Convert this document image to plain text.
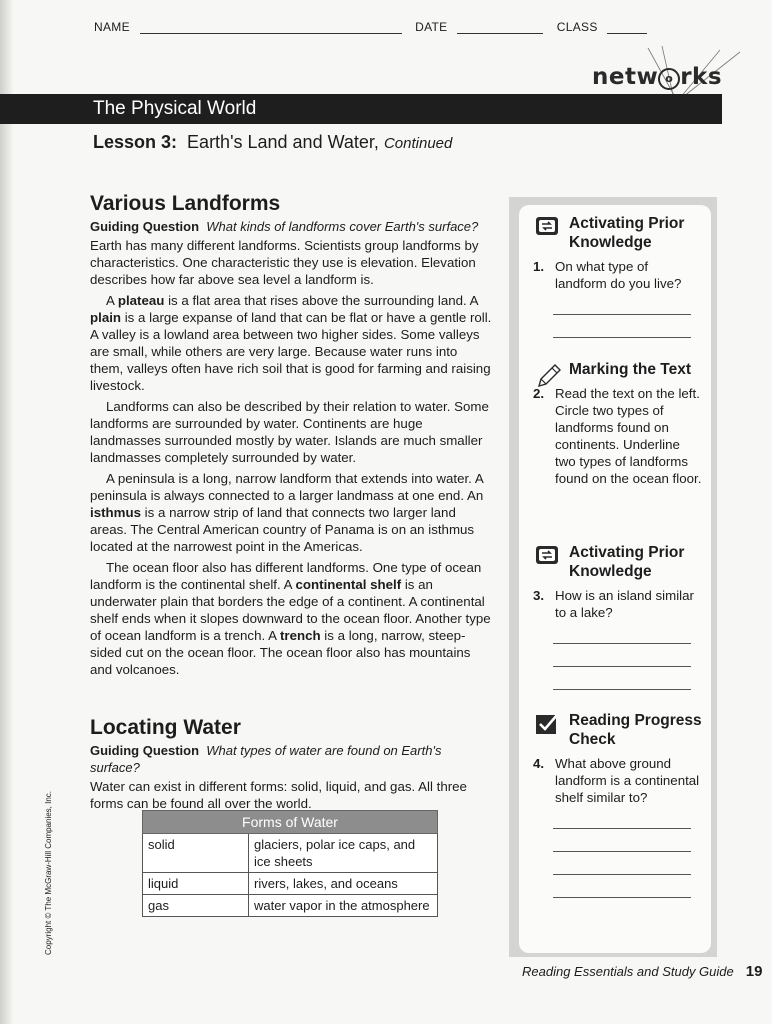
NAME	DATE	CLASS
netw o rks
The Physical World
Lesson 3: Earth's Land and Water, Continued
Various Landforms
Guiding Question What kinds of landforms cover Earth's surface?

Earth has many different landforms. Scientists group landforms by characteristics. One characteristic they use is elevation. Elevation describes how far above sea level a landform is.

A plateau is a flat area that rises above the surrounding land. A plain is a large expanse of land that can be flat or have a gentle roll. A valley is a lowland area between two higher sides. Some valleys are small, while others are very large. Because water runs into them, valleys often have rich soil that is good for farming and raising livestock.

Landforms can also be described by their relation to water. Some landforms are surrounded by water. Continents are huge landmasses surrounded mostly by water. Islands are much smaller landmasses completely surrounded by water.

A peninsula is a long, narrow landform that extends into water. A peninsula is always connected to a larger landmass at one end. An isthmus is a narrow strip of land that connects two larger land areas. The Central American country of Panama is on an isthmus located at the narrowest point in the Americas.

The ocean floor also has different landforms. One type of ocean landform is the continental shelf. A continental shelf is an underwater plain that borders the edge of a continent. A continental shelf ends when it slopes downward to the ocean floor. Another type of ocean landform is a trench. A trench is a long, narrow, steep-sided cut on the ocean floor. The ocean floor also has mountains and volcanoes.

Locating Water
Guiding Question What types of water are found on Earth's surface?

Water can exist in different forms: solid, liquid, and gas. All three forms can be found all over the world.

Forms of Water	
solid	glaciers, polar ice caps, and ice sheets
liquid	rivers, lakes, and oceans
gas	water vapor in the atmosphere
Activating Prior Knowledge
1. On what type of landform do you live?
Marking the Text
2. Read the text on the left. Circle two types of landforms found on continents. Underline two types of landforms found on the ocean floor.
Activating Prior Knowledge
3. How is an island similar to a lake?
Reading Progress Check
4. What above ground landform is a continental shelf similar to?
Reading Essentials and Study Guide 19
Copyright © The McGraw-Hill Companies, Inc.
